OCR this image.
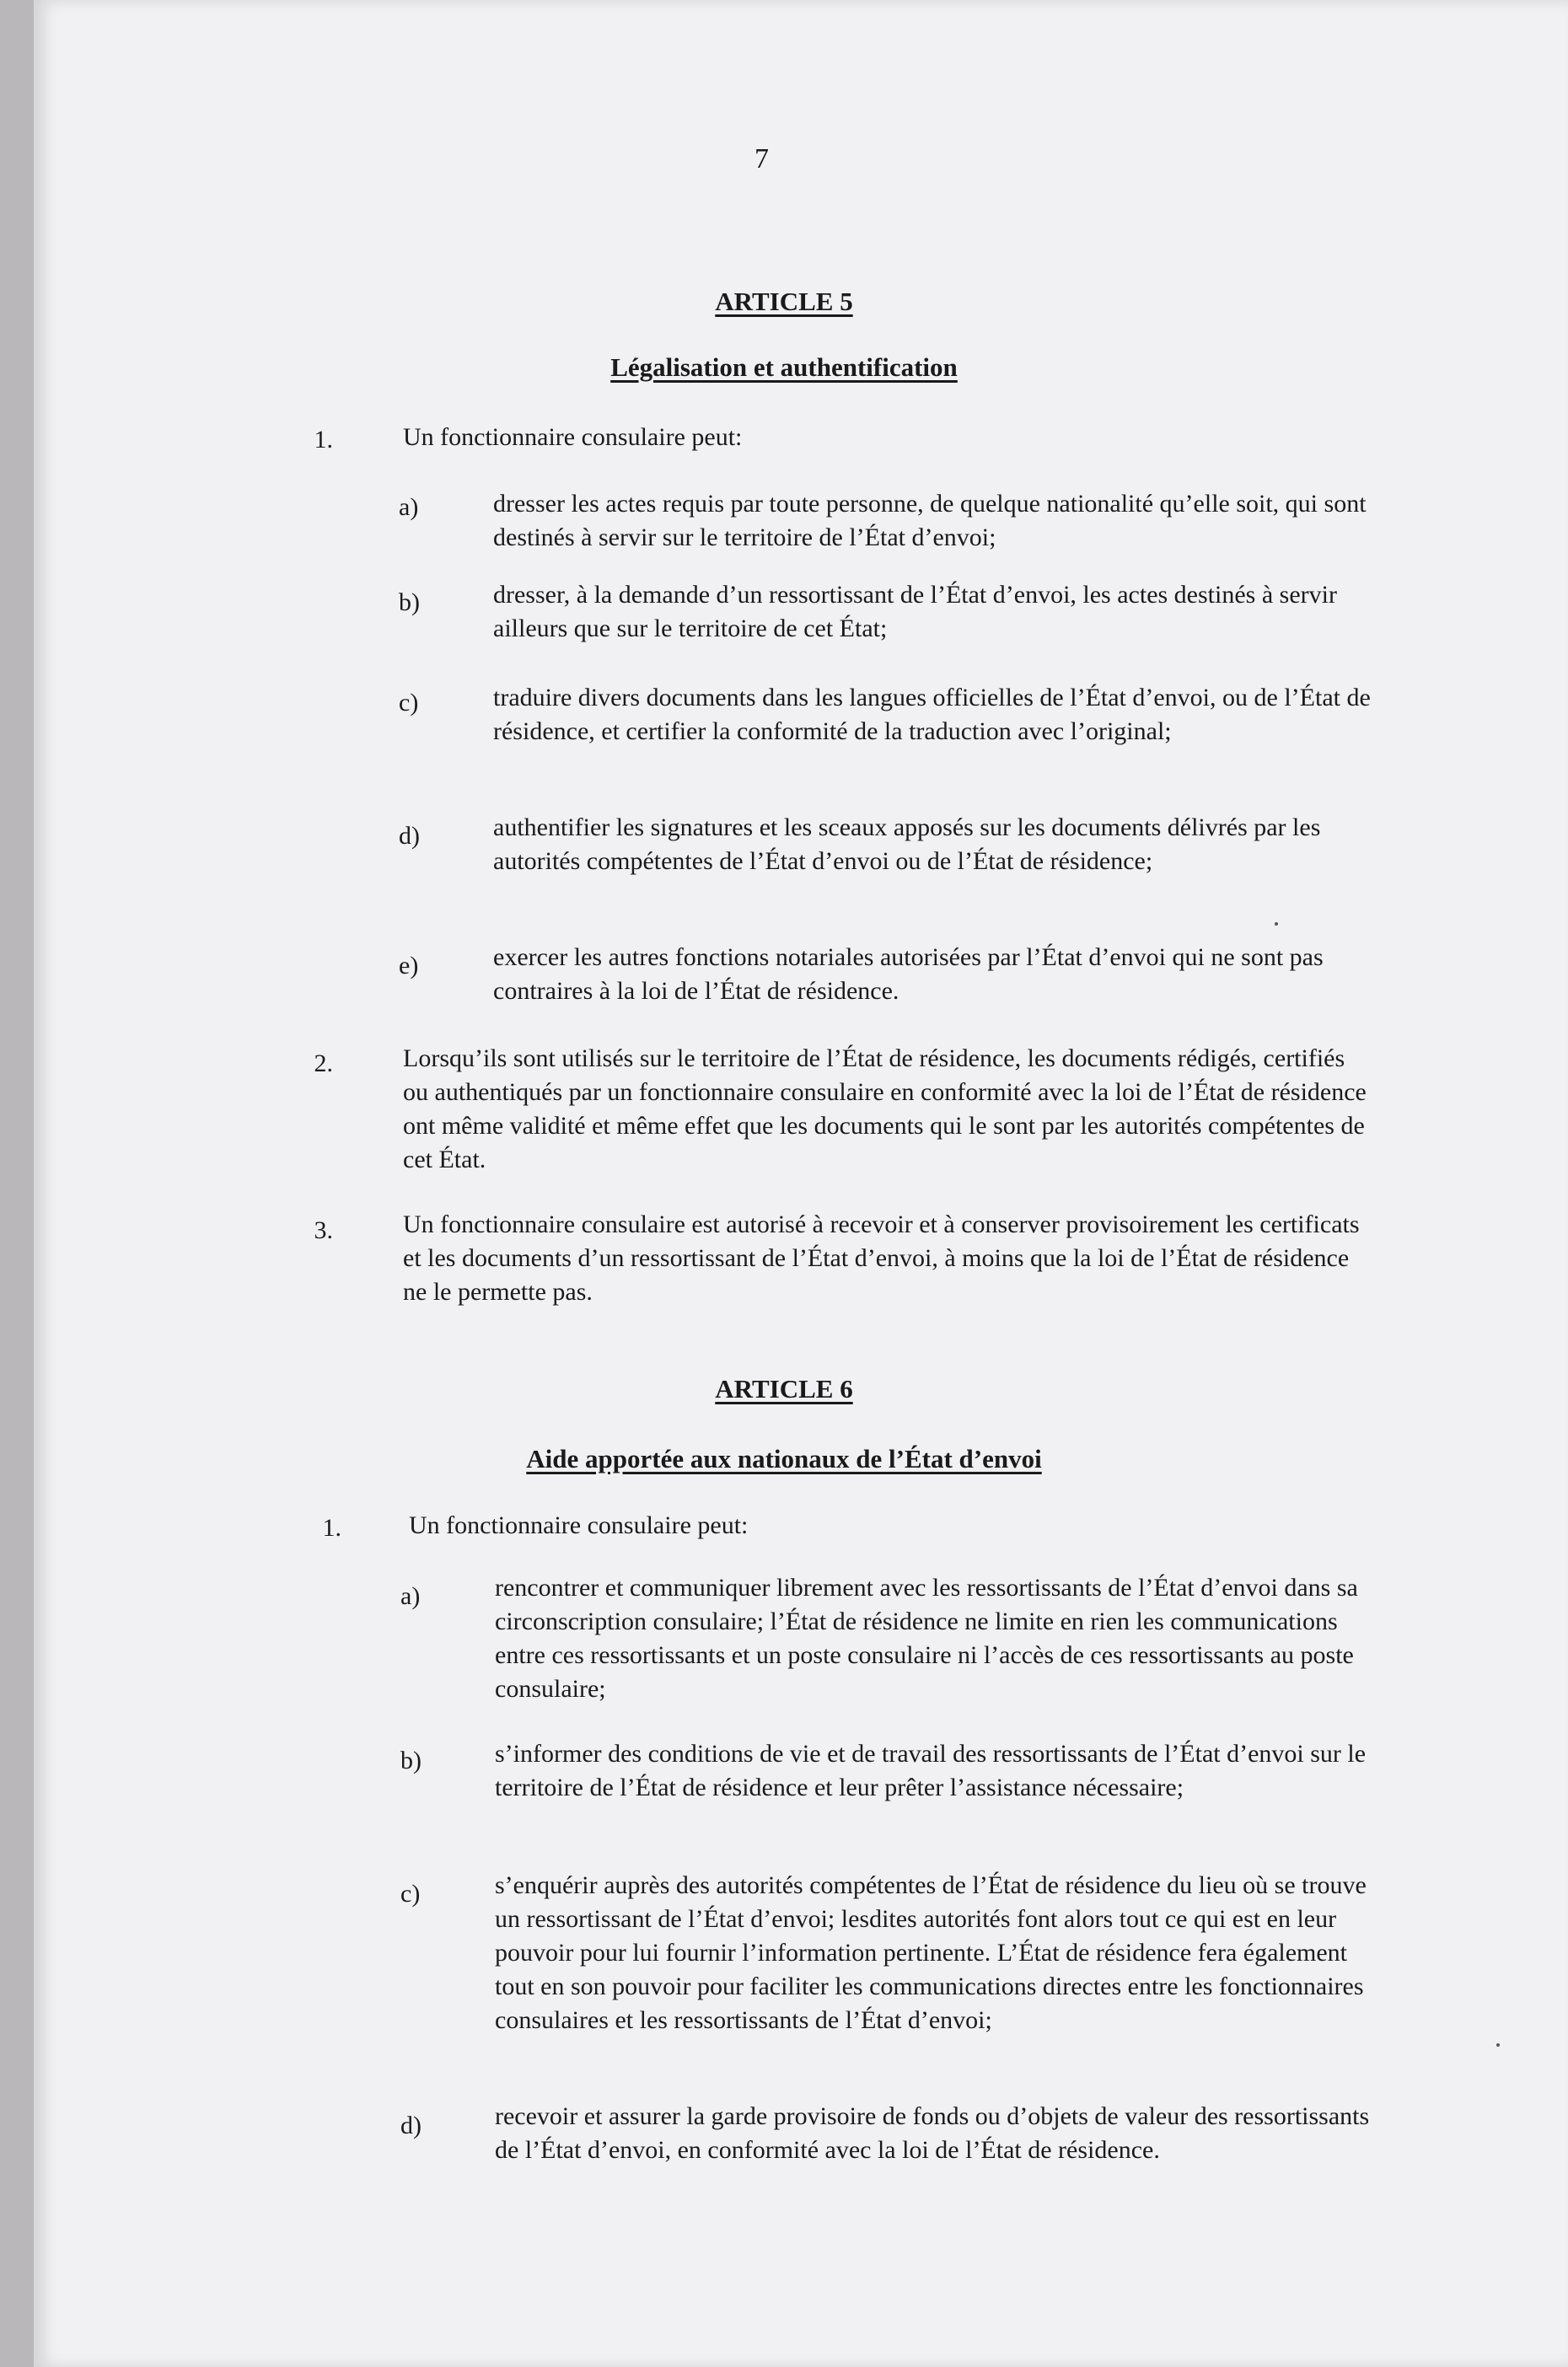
7
ARTICLE 5
Légalisation et authentification
1.	Un fonctionnaire consulaire peut:

a)	dresser les actes requis par toute personne, de quelque nationalité qu’elle soit, qui sont destinés à servir sur le territoire de l’État d’envoi;

b)	dresser, à la demande d’un ressortissant de l’État d’envoi, les actes destinés à servir ailleurs que sur le territoire de cet État;

c)	traduire divers documents dans les langues officielles de l’État d’envoi, ou de l’État de résidence, et certifier la conformité de la traduction avec l’original;

d)	authentifier les signatures et les sceaux apposés sur les documents délivrés par les autorités compétentes de l’État d’envoi ou de l’État de résidence;

e)	exercer les autres fonctions notariales autorisées par l’État d’envoi qui ne sont pas contraires à la loi de l’État de résidence.

2.	Lorsqu’ils sont utilisés sur le territoire de l’État de résidence, les documents rédigés, certifiés ou authentiqués par un fonctionnaire consulaire en conformité avec la loi de l’État de résidence ont même validité et même effet que les documents qui le sont par les autorités compétentes de cet État.

3.	Un fonctionnaire consulaire est autorisé à recevoir et à conserver provisoirement les certificats et les documents d’un ressortissant de l’État d’envoi, à moins que la loi de l’État de résidence ne le permette pas.

ARTICLE 6
Aide apportée aux nationaux de l’État d’envoi
1.	Un fonctionnaire consulaire peut:

a)	rencontrer et communiquer librement avec les ressortissants de l’État d’envoi dans sa circonscription consulaire; l’État de résidence ne limite en rien les communications entre ces ressortissants et un poste consulaire ni l’accès de ces ressortissants au poste consulaire;

b)	s’informer des conditions de vie et de travail des ressortissants de l’État d’envoi sur le territoire de l’État de résidence et leur prêter l’assistance nécessaire;

c)	s’enquérir auprès des autorités compétentes de l’État de résidence du lieu où se trouve un ressortissant de l’État d’envoi; lesdites autorités font alors tout ce qui est en leur pouvoir pour lui fournir l’information pertinente. L’État de résidence fera également tout en son pouvoir pour faciliter les communications directes entre les fonctionnaires consulaires et les ressortissants de l’État d’envoi;

d)	recevoir et assurer la garde provisoire de fonds ou d’objets de valeur des ressortissants de l’État d’envoi, en conformité avec la loi de l’État de résidence.
